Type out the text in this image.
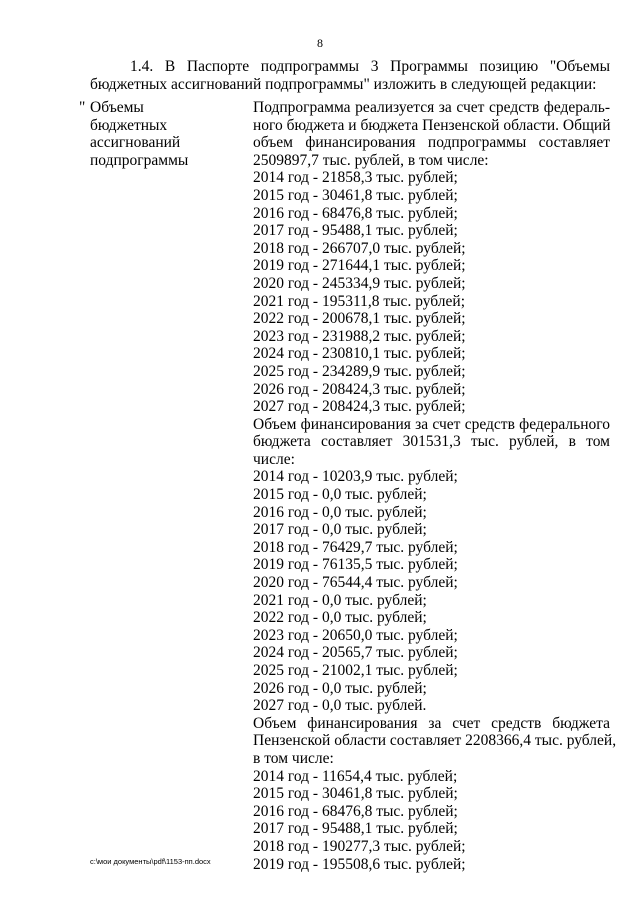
8
1.4. В Паспорте подпрограммы 3 Программы позицию "Объемы
бюджетных ассигнований подпрограммы" изложить в следующей редакции:
" Объемы
бюджетных
ассигнований
подпрограммы
Подпрограмма реализуется за счет средств федераль-
ного бюджета и бюджета Пензенской области. Общий
объем финансирования подпрограммы составляет
2509897,7 тыс. рублей, в том числе:
2014 год - 21858,3 тыс. рублей;
2015 год - 30461,8 тыс. рублей;
2016 год - 68476,8 тыс. рублей;
2017 год - 95488,1 тыс. рублей;
2018 год - 266707,0 тыс. рублей;
2019 год - 271644,1 тыс. рублей;
2020 год - 245334,9 тыс. рублей;
2021 год - 195311,8 тыс. рублей;
2022 год - 200678,1 тыс. рублей;
2023 год - 231988,2 тыс. рублей;
2024 год - 230810,1 тыс. рублей;
2025 год - 234289,9 тыс. рублей;
2026 год - 208424,3 тыс. рублей;
2027 год - 208424,3 тыс. рублей;
Объем финансирования за счет средств федерального
бюджета составляет 301531,3 тыс. рублей, в том
числе:
2014 год - 10203,9 тыс. рублей;
2015 год - 0,0 тыс. рублей;
2016 год - 0,0 тыс. рублей;
2017 год - 0,0 тыс. рублей;
2018 год - 76429,7 тыс. рублей;
2019 год - 76135,5 тыс. рублей;
2020 год - 76544,4 тыс. рублей;
2021 год - 0,0 тыс. рублей;
2022 год - 0,0 тыс. рублей;
2023 год - 20650,0 тыс. рублей;
2024 год - 20565,7 тыс. рублей;
2025 год - 21002,1 тыс. рублей;
2026 год - 0,0 тыс. рублей;
2027 год - 0,0 тыс. рублей.
Объем финансирования за счет средств бюджета
Пензенской области составляет 2208366,4 тыс. рублей,
в том числе:
2014 год - 11654,4 тыс. рублей;
2015 год - 30461,8 тыс. рублей;
2016 год - 68476,8 тыс. рублей;
2017 год - 95488,1 тыс. рублей;
2018 год - 190277,3 тыс. рублей;
2019 год - 195508,6 тыс. рублей;
c:\мои документы\pdf\1153-пп.docx
